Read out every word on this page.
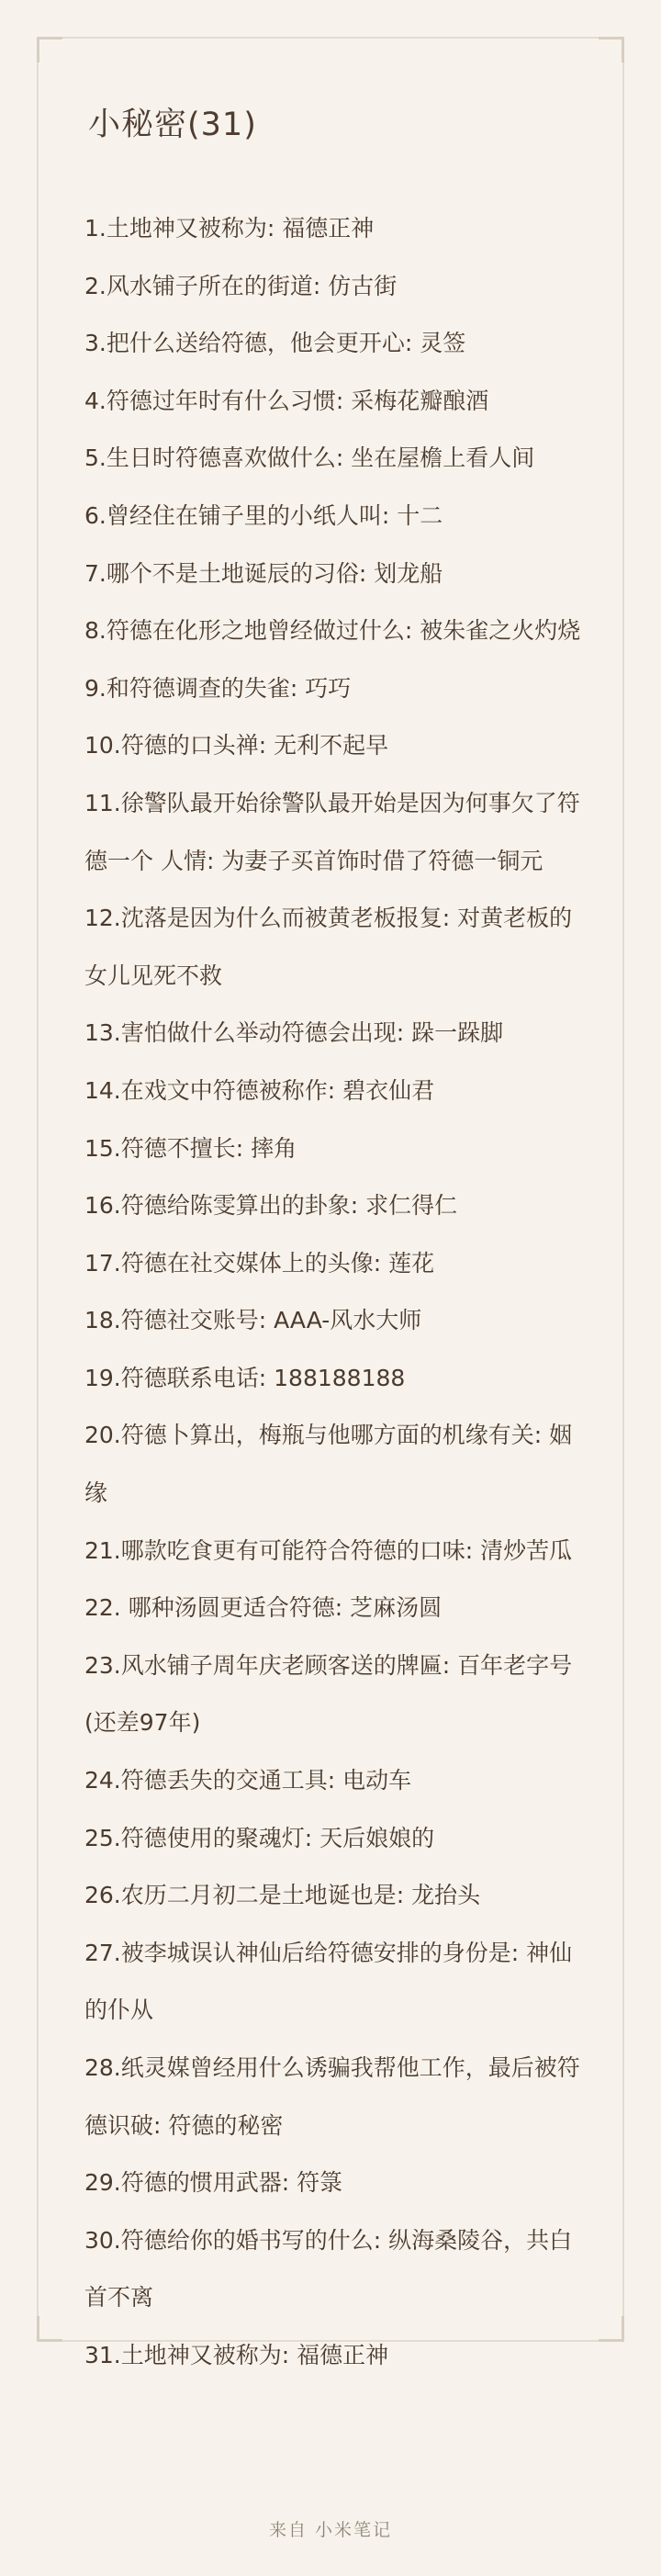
小秘密(31)

1.土地神又被称为: 福德正神

2.风水铺子所在的街道: 仿古街

3.把什么送给符德，他会更开心: 灵签

4.符德过年时有什么习惯: 采梅花瓣酿酒

5.生日时符德喜欢做什么: 坐在屋檐上看人间

6.曾经住在铺子里的小纸人叫: 十二

7.哪个不是土地诞辰的习俗: 划龙船

8.符德在化形之地曾经做过什么: 被朱雀之火灼烧

9.和符德调查的失雀: 巧巧

10.符德的口头禅: 无利不起早

11.徐警队最开始徐警队最开始是因为何事欠了符德一个 人情: 为妻子买首饰时借了符德一铜元

12.沈落是因为什么而被黄老板报复: 对黄老板的女儿见死不救

13.害怕做什么举动符德会出现: 跺一跺脚

14.在戏文中符德被称作: 碧衣仙君

15.符德不擅长: 摔角

16.符德给陈雯算出的卦象: 求仁得仁

17.符德在社交媒体上的头像: 莲花

18.符德社交账号: AAA-风水大师

19.符德联系电话: 188188188

20.符德卜算出，梅瓶与他哪方面的机缘有关: 姻缘

21.哪款吃食更有可能符合符德的口味: 清炒苦瓜

22. 哪种汤圆更适合符德: 芝麻汤圆

23.风水铺子周年庆老顾客送的牌匾: 百年老字号(还差97年)

24.符德丢失的交通工具: 电动车

25.符德使用的聚魂灯: 天后娘娘的

26.农历二月初二是土地诞也是: 龙抬头

27.被李城误认神仙后给符德安排的身份是: 神仙的仆从

28.纸灵媒曾经用什么诱骗我帮他工作，最后被符德识破: 符德的秘密

29.符德的惯用武器: 符箓

30.符德给你的婚书写的什么: 纵海桑陵谷，共白首不离

31.土地神又被称为: 福德正神

来自 小米笔记
